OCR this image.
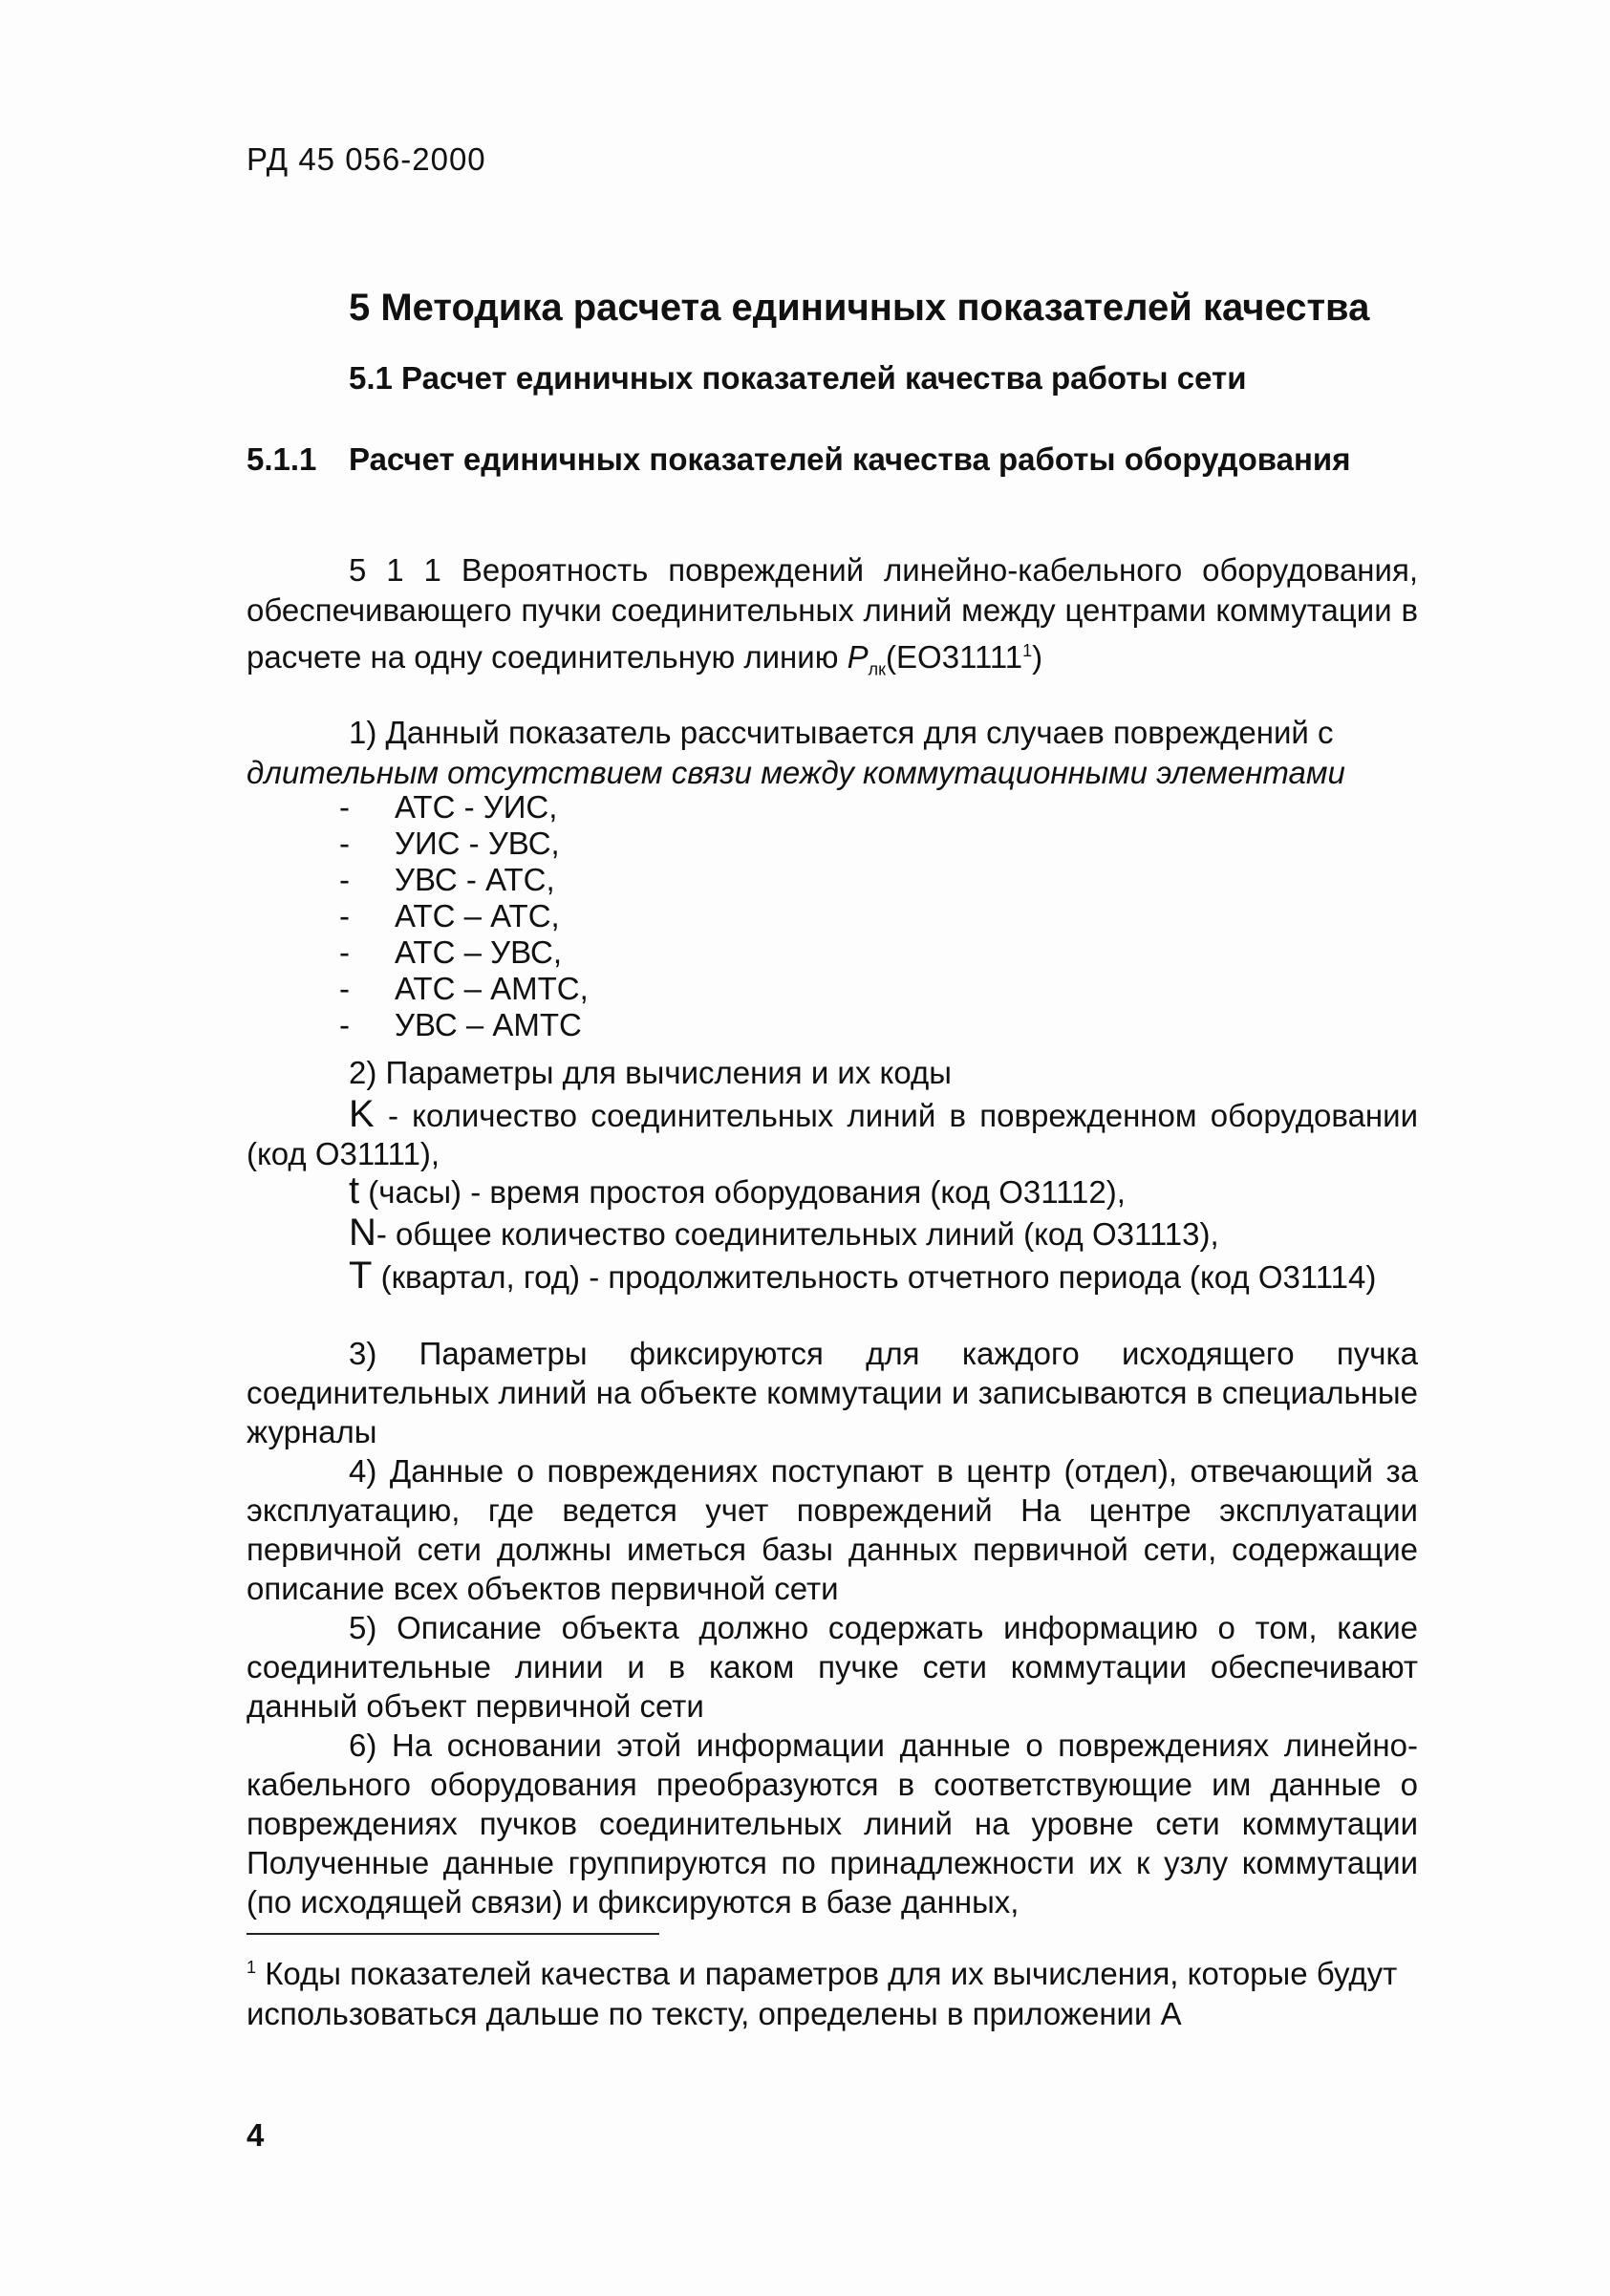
РД 45 056-2000
5 Методика расчета единичных показателей качества
5.1 Расчет единичных показателей качества работы сети
5.1.1 Расчет единичных показателей качества работы оборудования
5 1 1 Вероятность повреждений линейно-кабельного оборудования, обеспечивающего пучки соединительных линий между центрами коммутации в расчете на одну соединительную линию $P_{лк}(ЕО31111^1)$
1) Данный показатель рассчитывается для случаев повреждений с
длительным отсутствием связи между коммутационными элементами
-	АТС - УИС,
-	УИС - УВС,
-	УВС - АТС,
-	АТС – АТС,
-	АТС – УВС,
-	АТС – АМТС,
-	УВС – АМТС
2) Параметры для вычисления и их коды
K - количество соединительных линий в поврежденном оборудовании (код О31111),
t (часы) - время простоя оборудования (код О31112),
N- общее количество соединительных линий (код О31113),
T (квартал, год) - продолжительность отчетного периода (код О31114)
3) Параметры фиксируются для каждого исходящего пучка соединительных линий на объекте коммутации и записываются в специальные журналы
4) Данные о повреждениях поступают в центр (отдел), отвечающий за эксплуатацию, где ведется учет повреждений На центре эксплуатации первичной сети должны иметься базы данных первичной сети, содержащие описание всех объектов первичной сети
5) Описание объекта должно содержать информацию о том, какие соединительные линии и в каком пучке сети коммутации обеспечивают данный объект первичной сети
6) На основании этой информации данные о повреждениях линейно-кабельного оборудования преобразуются в соответствующие им данные о повреждениях пучков соединительных линий на уровне сети коммутации Полученные данные группируются по принадлежности их к узлу коммутации (по исходящей связи) и фиксируются в базе данных,
$^1$ Коды показателей качества и параметров для их вычисления, которые будут использоваться дальше по тексту, определены в приложении А
4
